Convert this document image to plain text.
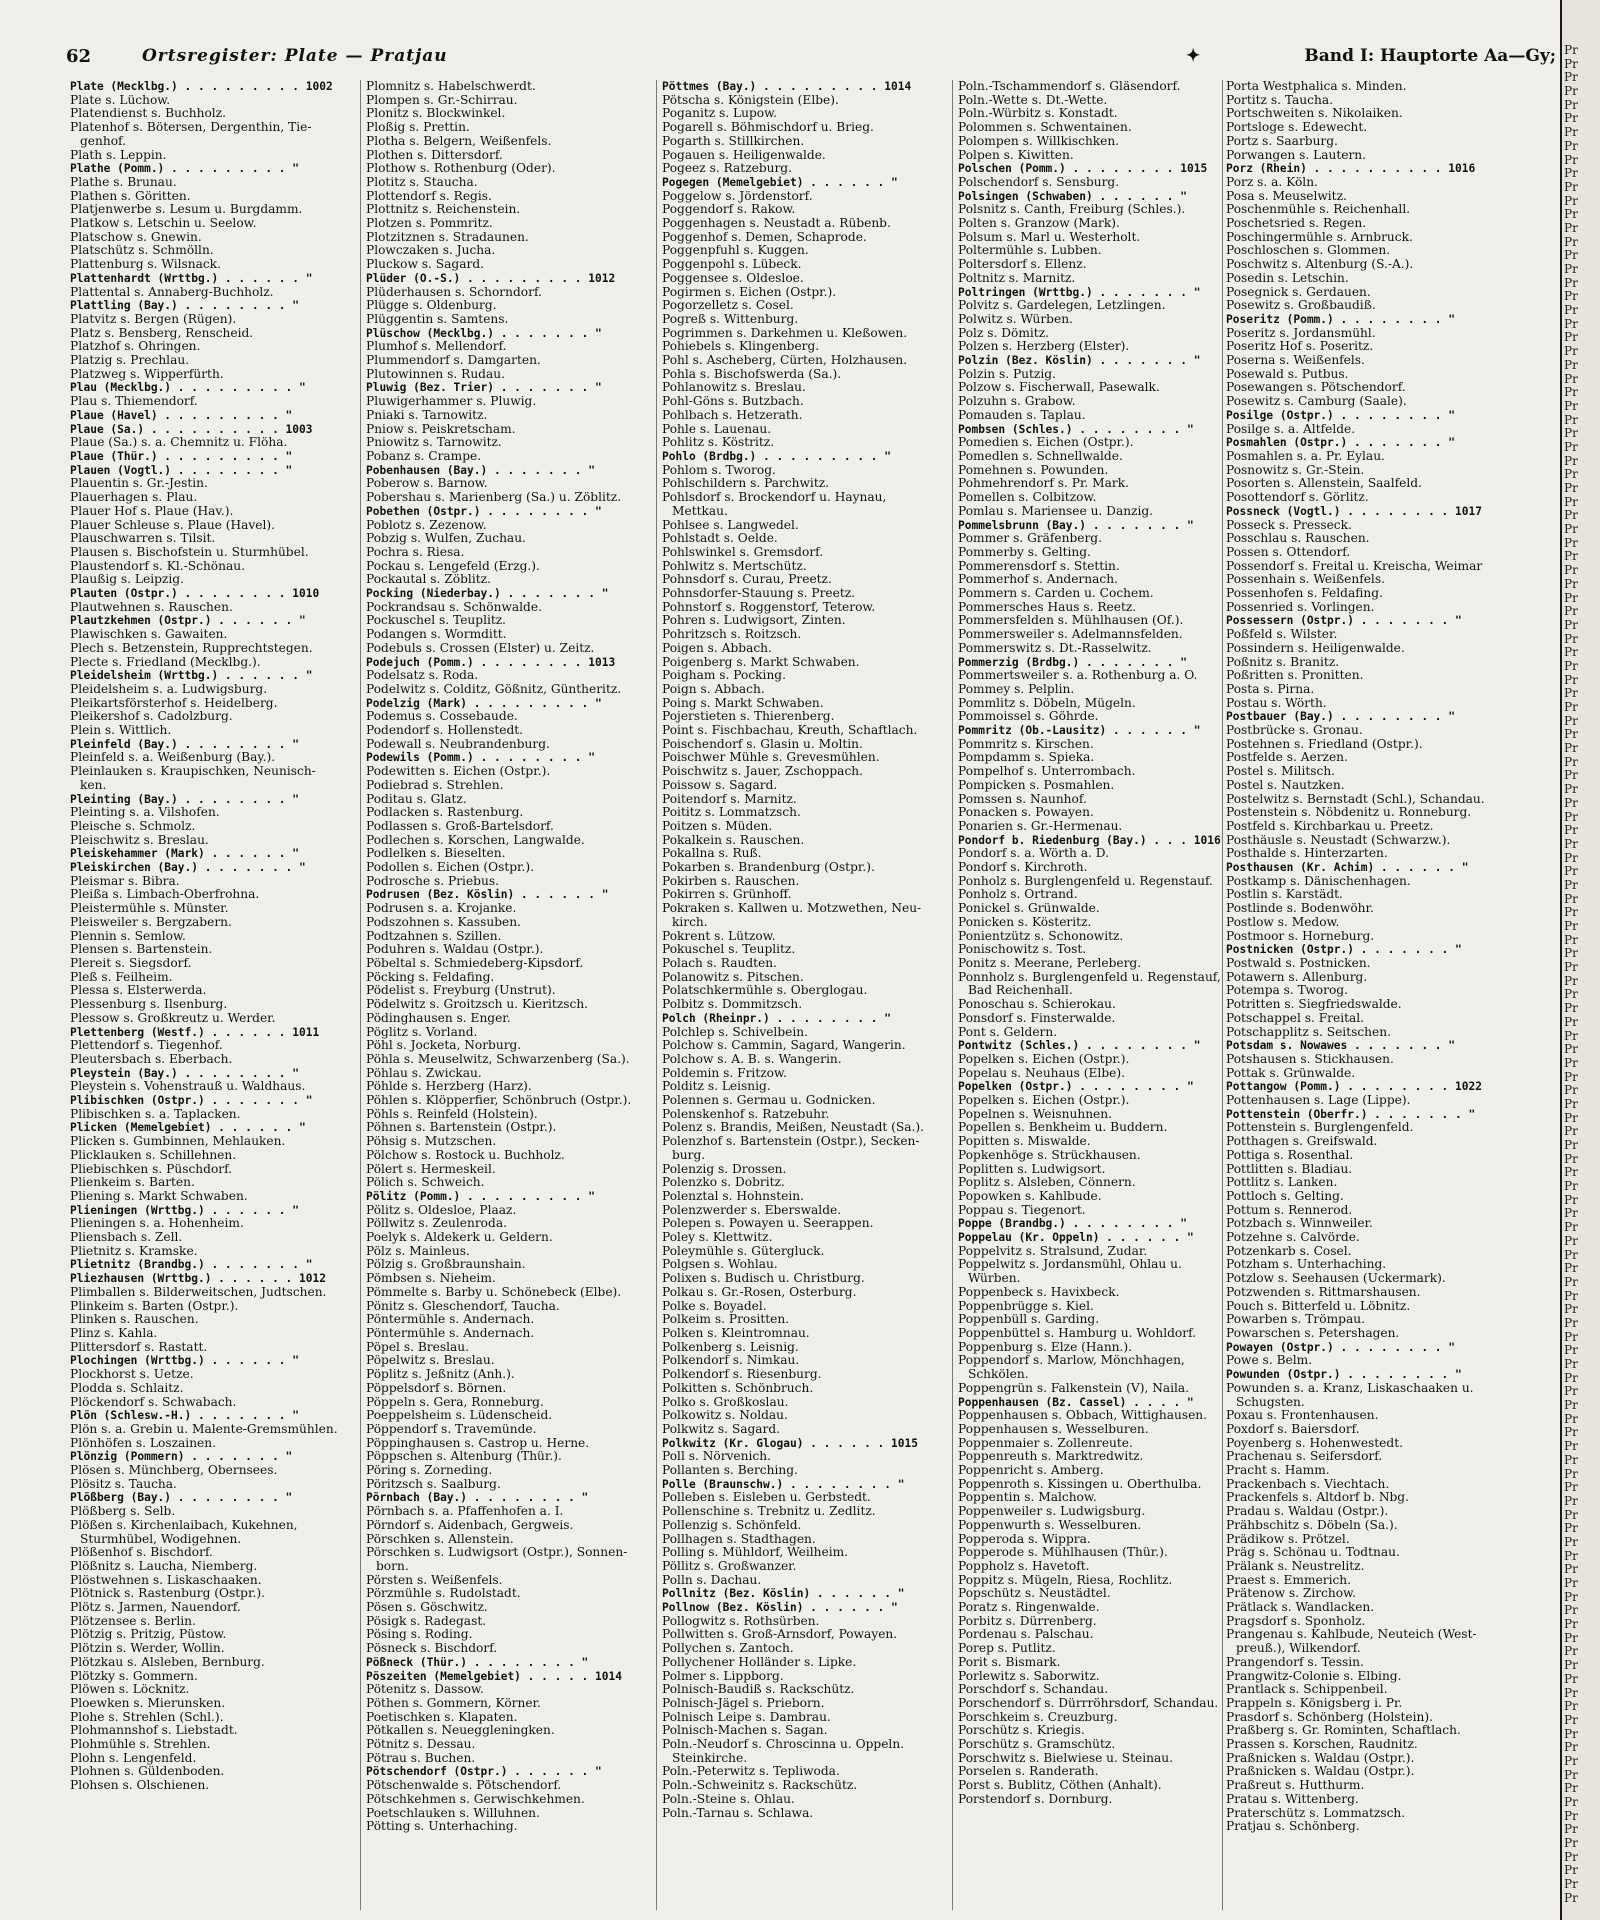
62	Ortsregister: Plate — Pratjau	✦	Band I: Hauptorte Aa—Gy;
Plate (Mecklbg.) . . . . . . . . . 1002
Plate s. Lüchow.
Platendienst s. Buchholz.
Platenhof s. Bötersen, Dergenthin, Tie-
genhof.
Plath s. Leppin.
Plathe (Pomm.) . . . . . . . . . "
Plathe s. Brunau.
Plathen s. Göritten.
Platjenwerbe s. Lesum u. Burgdamm.
Platkow s. Letschin u. Seelow.
Platschow s. Gnewin.
Platschütz s. Schmölln.
Plattenburg s. Wilsnack.
Plattenhardt (Wrttbg.) . . . . . . "
Plattental s. Annaberg-Buchholz.
Plattling (Bay.) . . . . . . . . "
Platvitz s. Bergen (Rügen).
Platz s. Bensberg, Renscheid.
Platzhof s. Öhringen.
Platzig s. Prechlau.
Platzweg s. Wipperfürth.
Plau (Mecklbg.) . . . . . . . . . "
Plau s. Thiemendorf.
Plaue (Havel) . . . . . . . . . "
Plaue (Sa.) . . . . . . . . . . 1003
Plaue (Sa.) s. a. Chemnitz u. Flöha.
Plaue (Thür.) . . . . . . . . . "
Plauen (Vogtl.) . . . . . . . . "
Plauentin s. Gr.-Jestin.
Plauerhagen s. Plau.
Plauer Hof s. Plaue (Hav.).
Plauer Schleuse s. Plaue (Havel).
Plauschwarren s. Tilsit.
Plausen s. Bischofstein u. Sturmhübel.
Plaustendorf s. Kl.-Schönau.
Plaußig s. Leipzig.
Plauten (Ostpr.) . . . . . . . . 1010
Plautwehnen s. Rauschen.
Plautzkehmen (Ostpr.) . . . . . . "
Plawischken s. Gawaiten.
Plech s. Betzenstein, Rupprechtstegen.
Plecte s. Friedland (Mecklbg.).
Pleidelsheim (Wrttbg.) . . . . . . "
Pleidelsheim s. a. Ludwigsburg.
Pleikartsförsterhof s. Heidelberg.
Pleikershof s. Cadolzburg.
Plein s. Wittlich.
Pleinfeld (Bay.) . . . . . . . . "
Pleinfeld s. a. Weißenburg (Bay.).
Pleinlauken s. Kraupischken, Neunisch-
ken.
Pleinting (Bay.) . . . . . . . . "
Pleinting s. a. Vilshofen.
Pleische s. Schmolz.
Pleischwitz s. Breslau.
Pleiskehammer (Mark) . . . . . . "
Pleiskirchen (Bay.) . . . . . . . "
Pleismar s. Bibra.
Pleißa s. Limbach-Oberfrohna.
Pleistermühle s. Münster.
Pleisweiler s. Bergzabern.
Plennin s. Semlow.
Plensen s. Bartenstein.
Plereit s. Siegsdorf.
Pleß s. Feilheim.
Plessa s. Elsterwerda.
Plessenburg s. Ilsenburg.
Plessow s. Großkreutz u. Werder.
Plettenberg (Westf.) . . . . . . 1011
Plettendorf s. Tiegenhof.
Pleutersbach s. Eberbach.
Pleystein (Bay.) . . . . . . . . "
Pleystein s. Vohenstrauß u. Waldhaus.
Plibischken (Ostpr.) . . . . . . . "
Plibischken s. a. Taplacken.
Plicken (Memelgebiet) . . . . . . "
Plicken s. Gumbinnen, Mehlauken.
Plicklauken s. Schillehnen.
Pliebischken s. Püschdorf.
Plienkeim s. Barten.
Pliening s. Markt Schwaben.
Plieningen (Wrttbg.) . . . . . . "
Plieningen s. a. Hohenheim.
Pliensbach s. Zell.
Plietnitz s. Kramske.
Plietnitz (Brandbg.) . . . . . . . "
Pliezhausen (Wrttbg.) . . . . . . 1012
Plimballen s. Bilderweitschen, Judtschen.
Plinkeim s. Barten (Ostpr.).
Plinken s. Rauschen.
Plinz s. Kahla.
Plittersdorf s. Rastatt.
Plochingen (Wrttbg.) . . . . . . "
Plockhorst s. Uetze.
Plodda s. Schlaitz.
Plöckendorf s. Schwabach.
Plön (Schlesw.-H.) . . . . . . . "
Plön s. a. Grebin u. Malente-Gremsmühlen.
Plönhöfen s. Loszainen.
Plönzig (Pommern) . . . . . . . "
Plösen s. Münchberg, Obernsees.
Plösitz s. Taucha.
Plößberg (Bay.) . . . . . . . . "
Plößberg s. Selb.
Plößen s. Kirchenlaibach, Kukehnen,
Sturmhübel, Wodigehnen.
Plößenhof s. Bischdorf.
Plößnitz s. Laucha, Niemberg.
Plöstwehnen s. Liskaschaaken.
Plötnick s. Rastenburg (Ostpr.).
Plötz s. Jarmen, Nauendorf.
Plötzensee s. Berlin.
Plötzig s. Pritzig, Püstow.
Plötzin s. Werder, Wollin.
Plötzkau s. Alsleben, Bernburg.
Plötzky s. Gommern.
Plöwen s. Löcknitz.
Ploewken s. Mierunsken.
Plohe s. Strehlen (Schl.).
Plohmannshof s. Liebstadt.
Plohmühle s. Strehlen.
Plohn s. Lengenfeld.
Plohnen s. Güldenboden.
Plohsen s. Olschienen.
Plomnitz s. Habelschwerdt.
Plompen s. Gr.-Schirrau.
Plonitz s. Blockwinkel.
Ploßig s. Prettin.
Plotha s. Belgern, Weißenfels.
Plothen s. Dittersdorf.
Plothow s. Rothenburg (Oder).
Plotitz s. Staucha.
Plottendorf s. Regis.
Plottnitz s. Reichenstein.
Plotzen s. Pommritz.
Plotzitznen s. Stradaunen.
Plowczaken s. Jucha.
Pluckow s. Sagard.
Plüder (O.-S.) . . . . . . . . . 1012
Plüderhausen s. Schorndorf.
Plügge s. Oldenburg.
Plüggentin s. Samtens.
Plüschow (Mecklbg.) . . . . . . . "
Plumhof s. Mellendorf.
Plummendorf s. Damgarten.
Plutowinnen s. Rudau.
Pluwig (Bez. Trier) . . . . . . . "
Pluwigerhammer s. Pluwig.
Pniaki s. Tarnowitz.
Pniow s. Peiskretscham.
Pniowitz s. Tarnowitz.
Pobanz s. Crampe.
Pobenhausen (Bay.) . . . . . . . "
Poberow s. Barnow.
Pobershau s. Marienberg (Sa.) u. Zöblitz.
Pobethen (Ostpr.) . . . . . . . . "
Poblotz s. Zezenow.
Pobzig s. Wulfen, Zuchau.
Pochra s. Riesa.
Pockau s. Lengefeld (Erzg.).
Pockautal s. Zöblitz.
Pocking (Niederbay.) . . . . . . . "
Pockrandsau s. Schönwalde.
Pockuschel s. Teuplitz.
Podangen s. Wormditt.
Podebuls s. Crossen (Elster) u. Zeitz.
Podejuch (Pomm.) . . . . . . . . 1013
Podelsatz s. Roda.
Podelwitz s. Colditz, Gößnitz, Güntheritz.
Podelzig (Mark) . . . . . . . . . "
Podemus s. Cossebaude.
Podendorf s. Hollenstedt.
Podewall s. Neubrandenburg.
Podewils (Pomm.) . . . . . . . . "
Podewitten s. Eichen (Ostpr.).
Podiebrad s. Strehlen.
Poditau s. Glatz.
Podlacken s. Rastenburg.
Podlassen s. Groß-Bartelsdorf.
Podlechen s. Korschen, Langwalde.
Podlelken s. Bieselten.
Podollen s. Eichen (Ostpr.).
Podrosche s. Priebus.
Podrusen (Bez. Köslin) . . . . . . "
Podrusen s. a. Krojanke.
Podszohnen s. Kassuben.
Podtzahnen s. Szillen.
Poduhren s. Waldau (Ostpr.).
Pöbeltal s. Schmiedeberg-Kipsdorf.
Pöcking s. Feldafing.
Pödelist s. Freyburg (Unstrut).
Pödelwitz s. Groitzsch u. Kieritzsch.
Pödinghausen s. Enger.
Pöglitz s. Vorland.
Pöhl s. Jocketa, Norburg.
Pöhla s. Meuselwitz, Schwarzenberg (Sa.).
Pöhlau s. Zwickau.
Pöhlde s. Herzberg (Harz).
Pöhlen s. Klöpperfier, Schönbruch (Ostpr.).
Pöhls s. Reinfeld (Holstein).
Pöhnen s. Bartenstein (Ostpr.).
Pöhsig s. Mutzschen.
Pölchow s. Rostock u. Buchholz.
Pölert s. Hermeskeil.
Pölich s. Schweich.
Pölitz (Pomm.) . . . . . . . . . "
Pölitz s. Oldesloe, Plaaz.
Pöllwitz s. Zeulenroda.
Poelyk s. Aldekerk u. Geldern.
Pölz s. Mainleus.
Pölzig s. Großbraunshain.
Pömbsen s. Nieheim.
Pömmelte s. Barby u. Schönebeck (Elbe).
Pönitz s. Gleschendorf, Taucha.
Pöntermühle s. Andernach.
Pöntermühle s. Andernach.
Pöpel s. Breslau.
Pöpelwitz s. Breslau.
Pöplitz s. Jeßnitz (Anh.).
Pöppelsdorf s. Börnen.
Pöppeln s. Gera, Ronneburg.
Poeppelsheim s. Lüdenscheid.
Pöppendorf s. Travemünde.
Pöppinghausen s. Castrop u. Herne.
Pöppschen s. Altenburg (Thür.).
Pöring s. Zorneding.
Pöritzsch s. Saalburg.
Pörnbach (Bay.) . . . . . . . . "
Pörnbach s. a. Pfaffenhofen a. I.
Pörndorf s. Aidenbach, Gergweis.
Pörschken s. Allenstein.
Pörschken s. Ludwigsort (Ostpr.), Sonnen-
born.
Pörsten s. Weißenfels.
Pörzmühle s. Rudolstadt.
Pösen s. Göschwitz.
Pösigk s. Radegast.
Pösing s. Roding.
Pösneck s. Bischdorf.
Pößneck (Thür.) . . . . . . . . "
Pöszeiten (Memelgebiet) . . . . . 1014
Pötenitz s. Dassow.
Pöthen s. Gommern, Körner.
Poetischken s. Klapaten.
Pötkallen s. Neueggleningken.
Pötnitz s. Dessau.
Pötrau s. Buchen.
Pötschendorf (Ostpr.) . . . . . . "
Pötschenwalde s. Pötschendorf.
Pötschkehmen s. Gerwischkehmen.
Poetschlauken s. Willuhnen.
Pötting s. Unterhaching.
Pöttmes (Bay.) . . . . . . . . . 1014
Pötscha s. Königstein (Elbe).
Poganitz s. Lupow.
Pogarell s. Böhmischdorf u. Brieg.
Pogarth s. Stillkirchen.
Pogauen s. Heiligenwalde.
Pogeez s. Ratzeburg.
Pogegen (Memelgebiet) . . . . . . "
Poggelow s. Jördenstorf.
Poggendorf s. Rakow.
Poggenhagen s. Neustadt a. Rübenb.
Poggenhof s. Demen, Schaprode.
Poggenpfuhl s. Kuggen.
Poggenpohl s. Lübeck.
Poggensee s. Oldesloe.
Pogirmen s. Eichen (Ostpr.).
Pogorzelletz s. Cosel.
Pogreß s. Wittenburg.
Pogrimmen s. Darkehmen u. Kleßowen.
Pohiebels s. Klingenberg.
Pohl s. Ascheberg, Cürten, Holzhausen.
Pohla s. Bischofswerda (Sa.).
Pohlanowitz s. Breslau.
Pohl-Göns s. Butzbach.
Pohlbach s. Hetzerath.
Pohle s. Lauenau.
Pohlitz s. Köstritz.
Pohlo (Brdbg.) . . . . . . . . . "
Pohlom s. Tworog.
Pohlschildern s. Parchwitz.
Pohlsdorf s. Brockendorf u. Haynau,
Mettkau.
Pohlsee s. Langwedel.
Pohlstadt s. Oelde.
Pohlswinkel s. Gremsdorf.
Pohlwitz s. Mertschütz.
Pohnsdorf s. Curau, Preetz.
Pohnsdorfer-Stauung s. Preetz.
Pohnstorf s. Roggenstorf, Teterow.
Pohren s. Ludwigsort, Zinten.
Pohritzsch s. Roitzsch.
Poigen s. Abbach.
Poigenberg s. Markt Schwaben.
Poigham s. Pocking.
Poign s. Abbach.
Poing s. Markt Schwaben.
Pojerstieten s. Thierenberg.
Point s. Fischbachau, Kreuth, Schaftlach.
Poischendorf s. Glasin u. Moltin.
Poischwer Mühle s. Grevesmühlen.
Poischwitz s. Jauer, Zschoppach.
Poissow s. Sagard.
Poitendorf s. Marnitz.
Poititz s. Lommatzsch.
Poitzen s. Müden.
Pokalkein s. Rauschen.
Pokallna s. Ruß.
Pokarben s. Brandenburg (Ostpr.).
Pokirben s. Rauschen.
Pokirren s. Grünhoff.
Pokraken s. Kallwen u. Motzwethen, Neu-
kirch.
Pokrent s. Lützow.
Pokuschel s. Teuplitz.
Polach s. Raudten.
Polanowitz s. Pitschen.
Polatschkermühle s. Oberglogau.
Polbitz s. Dommitzsch.
Polch (Rheinpr.) . . . . . . . . "
Polchlep s. Schivelbein.
Polchow s. Cammin, Sagard, Wangerin.
Polchow s. A. B. s. Wangerin.
Poldemin s. Fritzow.
Polditz s. Leisnig.
Polennen s. Germau u. Godnicken.
Polenskenhof s. Ratzebuhr.
Polenz s. Brandis, Meißen, Neustadt (Sa.).
Polenzhof s. Bartenstein (Ostpr.), Secken-
burg.
Polenzig s. Drossen.
Polenzko s. Dobritz.
Polenztal s. Hohnstein.
Polenzwerder s. Eberswalde.
Polepen s. Powayen u. Seerappen.
Poley s. Klettwitz.
Poleymühle s. Gütergluck.
Polgsen s. Wohlau.
Polixen s. Budisch u. Christburg.
Polkau s. Gr.-Rosen, Osterburg.
Polke s. Boyadel.
Polkeim s. Prositten.
Polken s. Kleintromnau.
Polkenberg s. Leisnig.
Polkendorf s. Nimkau.
Polkendorf s. Riesenburg.
Polkitten s. Schönbruch.
Polko s. Großkoslau.
Polkowitz s. Noldau.
Polkwitz s. Sagard.
Polkwitz (Kr. Glogau) . . . . . . 1015
Poll s. Nörvenich.
Pollanten s. Berching.
Polle (Braunschw.) . . . . . . . . "
Polleben s. Eisleben u. Gerbstedt.
Pollenschine s. Trebnitz u. Zedlitz.
Pollenzig s. Schönfeld.
Pollhagen s. Stadthagen.
Polling s. Mühldorf, Weilheim.
Pöllitz s. Großwanzer.
Polln s. Dachau.
Pollnitz (Bez. Köslin) . . . . . . "
Pollnow (Bez. Köslin) . . . . . . "
Pollogwitz s. Rothsürben.
Pollwitten s. Groß-Arnsdorf, Powayen.
Pollychen s. Zantoch.
Pollychener Holländer s. Lipke.
Polmer s. Lippborg.
Polnisch-Baudiß s. Rackschütz.
Polnisch-Jägel s. Prieborn.
Polnisch Leipe s. Dambrau.
Polnisch-Machen s. Sagan.
Poln.-Neudorf s. Chroscinna u. Oppeln.
Steinkirche.
Poln.-Peterwitz s. Tepliwoda.
Poln.-Schweinitz s. Rackschütz.
Poln.-Steine s. Ohlau.
Poln.-Tarnau s. Schlawa.
Poln.-Tschammendorf s. Gläsendorf.
Poln.-Wette s. Dt.-Wette.
Poln.-Würbitz s. Konstadt.
Polommen s. Schwentainen.
Polompen s. Willkischken.
Polpen s. Kiwitten.
Polschen (Pomm.) . . . . . . . . 1015
Polschendorf s. Sensburg.
Polsingen (Schwaben) . . . . . . "
Polsnitz s. Canth, Freiburg (Schles.).
Polten s. Granzow (Mark).
Polsum s. Marl u. Westerholt.
Poltermühle s. Lubben.
Poltersdorf s. Ellenz.
Poltnitz s. Marnitz.
Poltringen (Wrttbg.) . . . . . . . "
Polvitz s. Gardelegen, Letzlingen.
Polwitz s. Würben.
Polz s. Dömitz.
Polzen s. Herzberg (Elster).
Polzin (Bez. Köslin) . . . . . . . "
Polzin s. Putzig.
Polzow s. Fischerwall, Pasewalk.
Polzuhn s. Grabow.
Pomauden s. Taplau.
Pombsen (Schles.) . . . . . . . . "
Pomedien s. Eichen (Ostpr.).
Pomedlen s. Schnellwalde.
Pomehnen s. Powunden.
Pohmehrendorf s. Pr. Mark.
Pomellen s. Colbitzow.
Pomlau s. Mariensee u. Danzig.
Pommelsbrunn (Bay.) . . . . . . . "
Pommer s. Gräfenberg.
Pommerby s. Gelting.
Pommerensdorf s. Stettin.
Pommerhof s. Andernach.
Pommern s. Carden u. Cochem.
Pommersches Haus s. Reetz.
Pommersfelden s. Mühlhausen (Of.).
Pommersweiler s. Adelmannsfelden.
Pommerswitz s. Dt.-Rasselwitz.
Pommerzig (Brdbg.) . . . . . . . "
Pommertsweiler s. a. Rothenburg a. O.
Pommey s. Pelplin.
Pommlitz s. Döbeln, Mügeln.
Pommoissel s. Göhrde.
Pommritz (Ob.-Lausitz) . . . . . . "
Pommritz s. Kirschen.
Pompdamm s. Spieka.
Pompelhof s. Unterrombach.
Pompicken s. Posmahlen.
Pomssen s. Naunhof.
Ponacken s. Powayen.
Ponarien s. Gr.-Hermenau.
Pondorf b. Riedenburg (Bay.) . . . 1016
Pondorf s. a. Wörth a. D.
Pondorf s. Kirchroth.
Ponholz s. Burglengenfeld u. Regenstauf.
Ponholz s. Ortrand.
Ponickel s. Grünwalde.
Ponicken s. Kösteritz.
Ponientzütz s. Schonowitz.
Ponischowitz s. Tost.
Ponitz s. Meerane, Perleberg.
Ponnholz s. Burglengenfeld u. Regenstauf,
Bad Reichenhall.
Ponoschau s. Schierokau.
Ponsdorf s. Finsterwalde.
Pont s. Geldern.
Pontwitz (Schles.) . . . . . . . . "
Popelken s. Eichen (Ostpr.).
Popelau s. Neuhaus (Elbe).
Popelken (Ostpr.) . . . . . . . . "
Popelken s. Eichen (Ostpr.).
Popelnen s. Weisnuhnen.
Popellen s. Benkheim u. Buddern.
Popitten s. Miswalde.
Popkenhöge s. Strückhausen.
Poplitten s. Ludwigsort.
Poplitz s. Alsleben, Cönnern.
Popowken s. Kahlbude.
Poppau s. Tiegenort.
Poppe (Brandbg.) . . . . . . . . "
Poppelau (Kr. Oppeln) . . . . . . "
Poppelvitz s. Stralsund, Zudar.
Poppelwitz s. Jordansmühl, Ohlau u.
Würben.
Poppenbeck s. Havixbeck.
Poppenbrügge s. Kiel.
Poppenbüll s. Garding.
Poppenbüttel s. Hamburg u. Wohldorf.
Poppenburg s. Elze (Hann.).
Poppendorf s. Marlow, Mönchhagen,
Schkölen.
Poppengrün s. Falkenstein (V), Naila.
Poppenhausen (Bz. Cassel) . . . . "
Poppenhausen s. Obbach, Wittighausen.
Poppenhausen s. Wesselburen.
Poppenmaier s. Zollenreute.
Poppenreuth s. Marktredwitz.
Poppenricht s. Amberg.
Poppenroth s. Kissingen u. Oberthulba.
Poppentin s. Malchow.
Poppenweiler s. Ludwigsburg.
Poppenwurth s. Wesselburen.
Popperoda s. Wippra.
Popperode s. Mühlhausen (Thür.).
Poppholz s. Havetoft.
Poppitz s. Mügeln, Riesa, Rochlitz.
Popschütz s. Neustädtel.
Poratz s. Ringenwalde.
Porbitz s. Dürrenberg.
Pordenau s. Palschau.
Porep s. Putlitz.
Porit s. Bismark.
Porlewitz s. Saborwitz.
Porschdorf s. Schandau.
Porschendorf s. Dürrröhrsdorf, Schandau.
Porschkeim s. Creuzburg.
Porschütz s. Kriegis.
Porschütz s. Gramschütz.
Porschwitz s. Bielwiese u. Steinau.
Porselen s. Randerath.
Porst s. Bublitz, Cöthen (Anhalt).
Porstendorf s. Dornburg.
Porta Westphalica s. Minden.
Portitz s. Taucha.
Portschweiten s. Nikolaiken.
Portsloge s. Edewecht.
Portz s. Saarburg.
Porwangen s. Lautern.
Porz (Rhein) . . . . . . . . . . 1016
Porz s. a. Köln.
Posa s. Meuselwitz.
Poschenmühle s. Reichenhall.
Poschetsried s. Regen.
Poschingermühle s. Arnbruck.
Poschloschen s. Glommen.
Poschwitz s. Altenburg (S.-A.).
Posedin s. Letschin.
Posegnick s. Gerdauen.
Posewitz s. Großbaudiß.
Poseritz (Pomm.) . . . . . . . . "
Poseritz s. Jordansmühl.
Poseritz Hof s. Poseritz.
Poserna s. Weißenfels.
Posewald s. Putbus.
Posewangen s. Pötschendorf.
Posewitz s. Camburg (Saale).
Posilge (Ostpr.) . . . . . . . . "
Posilge s. a. Altfelde.
Posmahlen (Ostpr.) . . . . . . . "
Posmahlen s. a. Pr. Eylau.
Posnowitz s. Gr.-Stein.
Posorten s. Allenstein, Saalfeld.
Posottendorf s. Görlitz.
Possneck (Vogtl.) . . . . . . . . 1017
Posseck s. Presseck.
Posschlau s. Rauschen.
Possen s. Ottendorf.
Possendorf s. Freital u. Kreischa, Weimar
Possenhain s. Weißenfels.
Possenhofen s. Feldafing.
Possenried s. Vorlingen.
Possessern (Ostpr.) . . . . . . . "
Poßfeld s. Wilster.
Possindern s. Heiligenwalde.
Poßnitz s. Branitz.
Poßritten s. Pronitten.
Posta s. Pirna.
Postau s. Wörth.
Postbauer (Bay.) . . . . . . . . "
Postbrücke s. Gronau.
Postehnen s. Friedland (Ostpr.).
Postfelde s. Aerzen.
Postel s. Militsch.
Postel s. Nautzken.
Postelwitz s. Bernstadt (Schl.), Schandau.
Postenstein s. Nöbdenitz u. Ronneburg.
Postfeld s. Kirchbarkau u. Preetz.
Posthäusle s. Neustadt (Schwarzw.).
Posthalde s. Hinterzarten.
Posthausen (Kr. Achim) . . . . . . "
Postkamp s. Dänischenhagen.
Postlin s. Karstädt.
Postlinde s. Bodenwöhr.
Postlow s. Medow.
Postmoor s. Horneburg.
Postnicken (Ostpr.) . . . . . . . "
Postwald s. Postnicken.
Potawern s. Allenburg.
Potempa s. Tworog.
Potritten s. Siegfriedswalde.
Potschappel s. Freital.
Potschapplitz s. Seitschen.
Potsdam s. Nowawes . . . . . . . "
Potshausen s. Stickhausen.
Pottak s. Grünwalde.
Pottangow (Pomm.) . . . . . . . . 1022
Pottenhausen s. Lage (Lippe).
Pottenstein (Oberfr.) . . . . . . . "
Pottenstein s. Burglengenfeld.
Potthagen s. Greifswald.
Pottiga s. Rosenthal.
Pottlitten s. Bladiau.
Pottlitz s. Lanken.
Pottloch s. Gelting.
Pottum s. Rennerod.
Potzbach s. Winnweiler.
Potzehne s. Calvörde.
Potzenkarb s. Cosel.
Potzham s. Unterhaching.
Potzlow s. Seehausen (Uckermark).
Potzwenden s. Rittmarshausen.
Pouch s. Bitterfeld u. Löbnitz.
Powarben s. Trömpau.
Powarschen s. Petershagen.
Powayen (Ostpr.) . . . . . . . . "
Powe s. Belm.
Powunden (Ostpr.) . . . . . . . . "
Powunden s. a. Kranz, Liskaschaaken u.
Schugsten.
Poxau s. Frontenhausen.
Poxdorf s. Baiersdorf.
Poyenberg s. Hohenwestedt.
Prachenau s. Seifersdorf.
Pracht s. Hamm.
Prackenbach s. Viechtach.
Prackenfels s. Altdorf b. Nbg.
Pradau s. Waldau (Ostpr.).
Prähbschitz s. Döbeln (Sa.).
Prädikow s. Prötzel.
Präg s. Schönau u. Todtnau.
Prälank s. Neustrelitz.
Praest s. Emmerich.
Prätenow s. Zirchow.
Prätlack s. Wandlacken.
Pragsdorf s. Sponholz.
Prangenau s. Kahlbude, Neuteich (West-
preuß.), Wilkendorf.
Prangendorf s. Tessin.
Prangwitz-Colonie s. Elbing.
Prantlack s. Schippenbeil.
Prappeln s. Königsberg i. Pr.
Prasdorf s. Schönberg (Holstein).
Praßberg s. Gr. Rominten, Schaftlach.
Prassen s. Korschen, Raudnitz.
Praßnicken s. Waldau (Ostpr.).
Praßnicken s. Waldau (Ostpr.).
Praßreut s. Hutthurm.
Pratau s. Wittenberg.
Praterschütz s. Lommatzsch.
Pratjau s. Schönberg.
Pr
Pr
Pr
Pr
Pr
Pr
Pr
Pr
Pr
Pr
Pr
Pr
Pr
Pr
Pr
Pr
Pr
Pr
Pr
Pr
Pr
Pr
Pr
Pr
Pr
Pr
Pr
Pr
Pr
Pr
Pr
Pr
Pr
Pr
Pr
Pr
Pr
Pr
Pr
Pr
Pr
Pr
Pr
Pr
Pr
Pr
Pr
Pr
Pr
Pr
Pr
Pr
Pr
Pr
Pr
Pr
Pr
Pr
Pr
Pr
Pr
Pr
Pr
Pr
Pr
Pr
Pr
Pr
Pr
Pr
Pr
Pr
Pr
Pr
Pr
Pr
Pr
Pr
Pr
Pr
Pr
Pr
Pr
Pr
Pr
Pr
Pr
Pr
Pr
Pr
Pr
Pr
Pr
Pr
Pr
Pr
Pr
Pr
Pr
Pr
Pr
Pr
Pr
Pr
Pr
Pr
Pr
Pr
Pr
Pr
Pr
Pr
Pr
Pr
Pr
Pr
Pr
Pr
Pr
Pr
Pr
Pr
Pr
Pr
Pr
Pr
Pr
Pr
Pr
Pr
Pr
Pr
Pr
Pr
Pr
Pr
